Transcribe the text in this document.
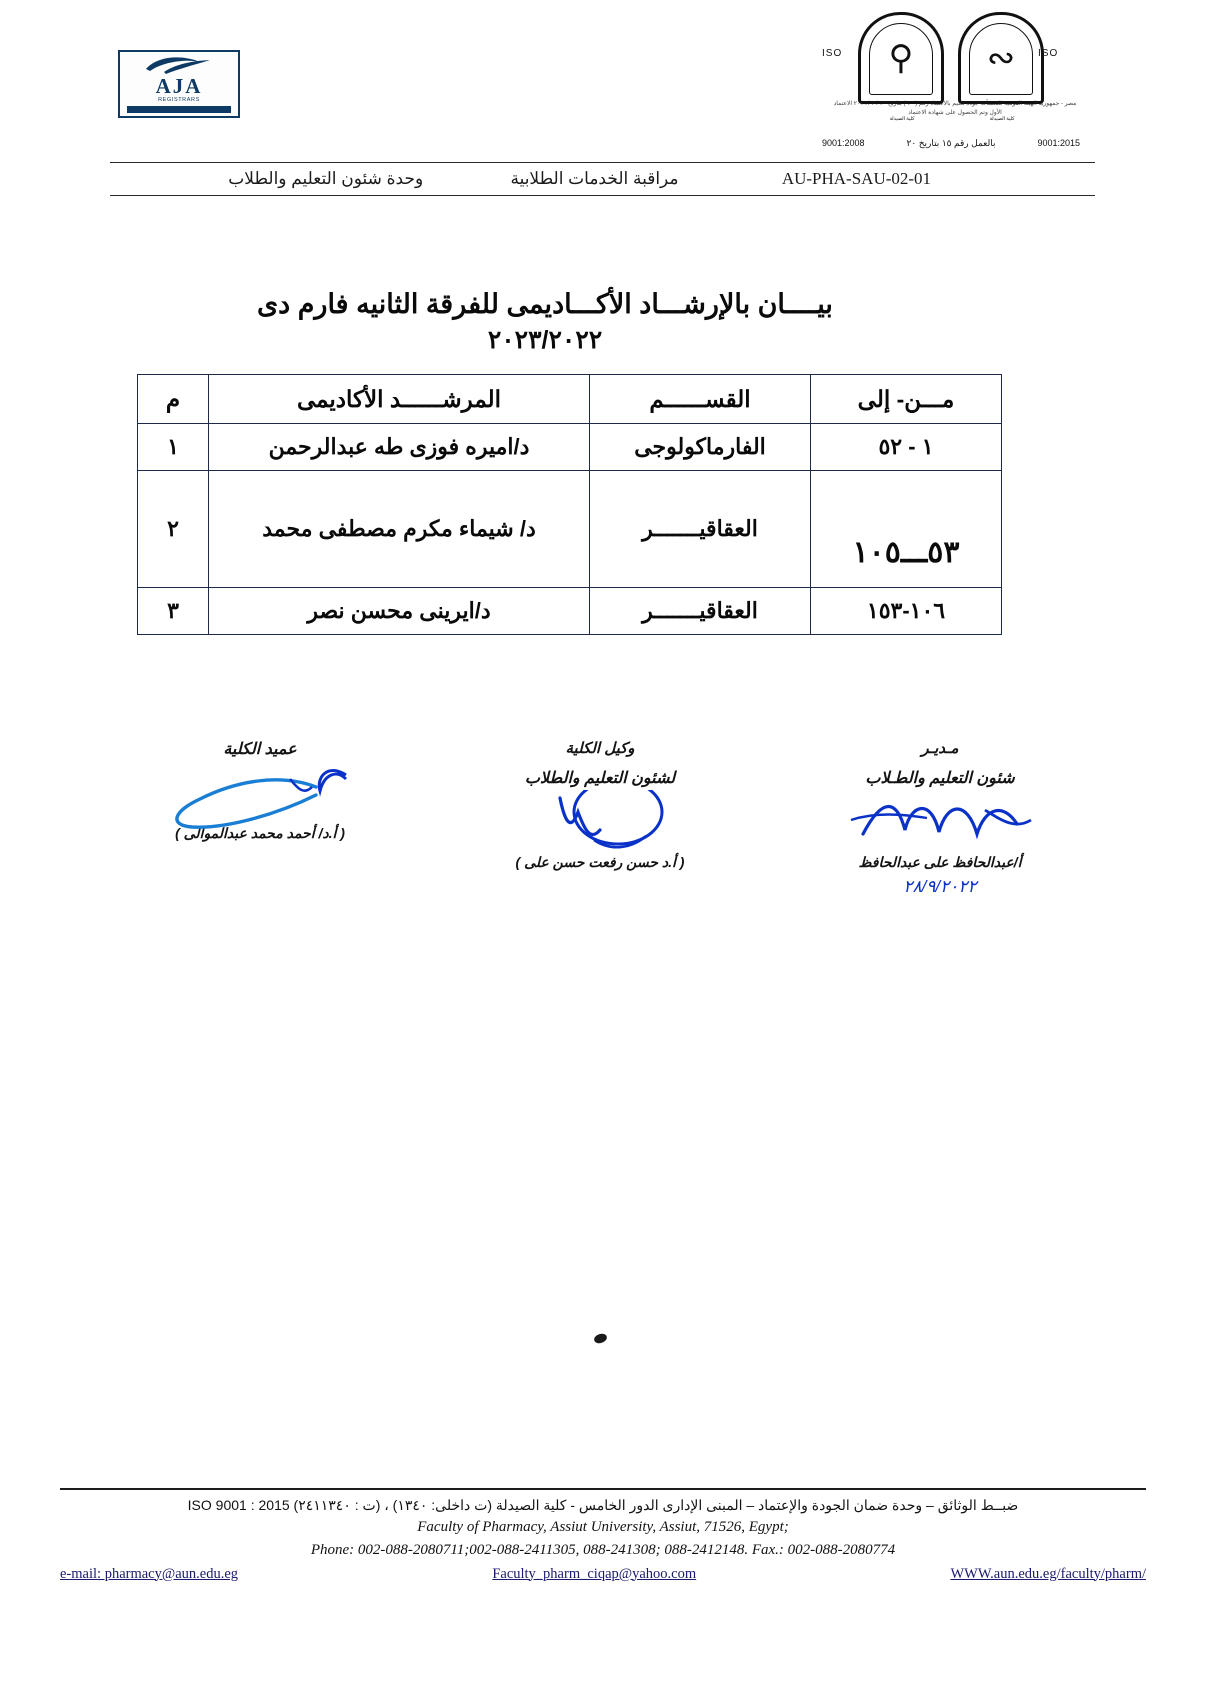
AJA
REGISTRARS
⚲
كلية الصيدلة
∾
كلية الصيدلة
ISO	ISO
مصر - جمهورية الهيئة القومية للمنشآت جودة تعليم بالاعتماد رقم ( ١٠ ) بتاريخ ٢٠ / ٢ / ٢٠١٦ الاعتماد الأول وتم الحصول على شهادة الاعتماد
9001:2008	بالعمل رقم ١٥ بتاريخ ٢٠	9001:2015
وحدة شئون التعليم والطلاب	مراقبة الخدمات الطلابية	AU-PHA-SAU-02-01
بيــــان بالإرشـــاد الأكـــاديمى للفرقة الثانيه فارم دى
٢٠٢٣/٢٠٢٢
مـــن- إلى	القســــــم	المرشــــــد الأكاديمى	م
١ - ٥٢	الفارماكولوجى	د/اميره فوزى طه عبدالرحمن	١

٥٣ـــ١٠٥	العقاقيـــــــر	د/ شيماء مكرم مصطفى محمد	٢
١٠٦-١٥٣	العقاقيـــــــر	د/ايرينى محسن نصر	٣
مـديـر
شئون التعليم والطـلاب
أ/عبدالحافظ على عبدالحافظ
٢٨/٩/٢٠٢٢
وكيل الكلية
لشئون التعليم والطلاب
( أ.د حسن رفعت حسن على )
عميد الكلية
( أ.د/ أحمد محمد عبدالموالى )
ضبــط الوثائق – وحدة ضمان الجودة والإعتماد – المبنى الإدارى الدور الخامس - كلية الصيدلة (ت داخلى: ١٣٤٠) ، (ت : ٢٤١١٣٤٠) ISO 9001 : 2015
Faculty of Pharmacy, Assiut University, Assiut, 71526, Egypt;
Phone: 002-088-2080711;002-088-2411305, 088-241308; 088-2412148. Fax.: 002-088-2080774
e-mail: pharmacy@aun.edu.eg	Faculty_pharm_ciqap@yahoo.com	WWW.aun.edu.eg/faculty/pharm/
